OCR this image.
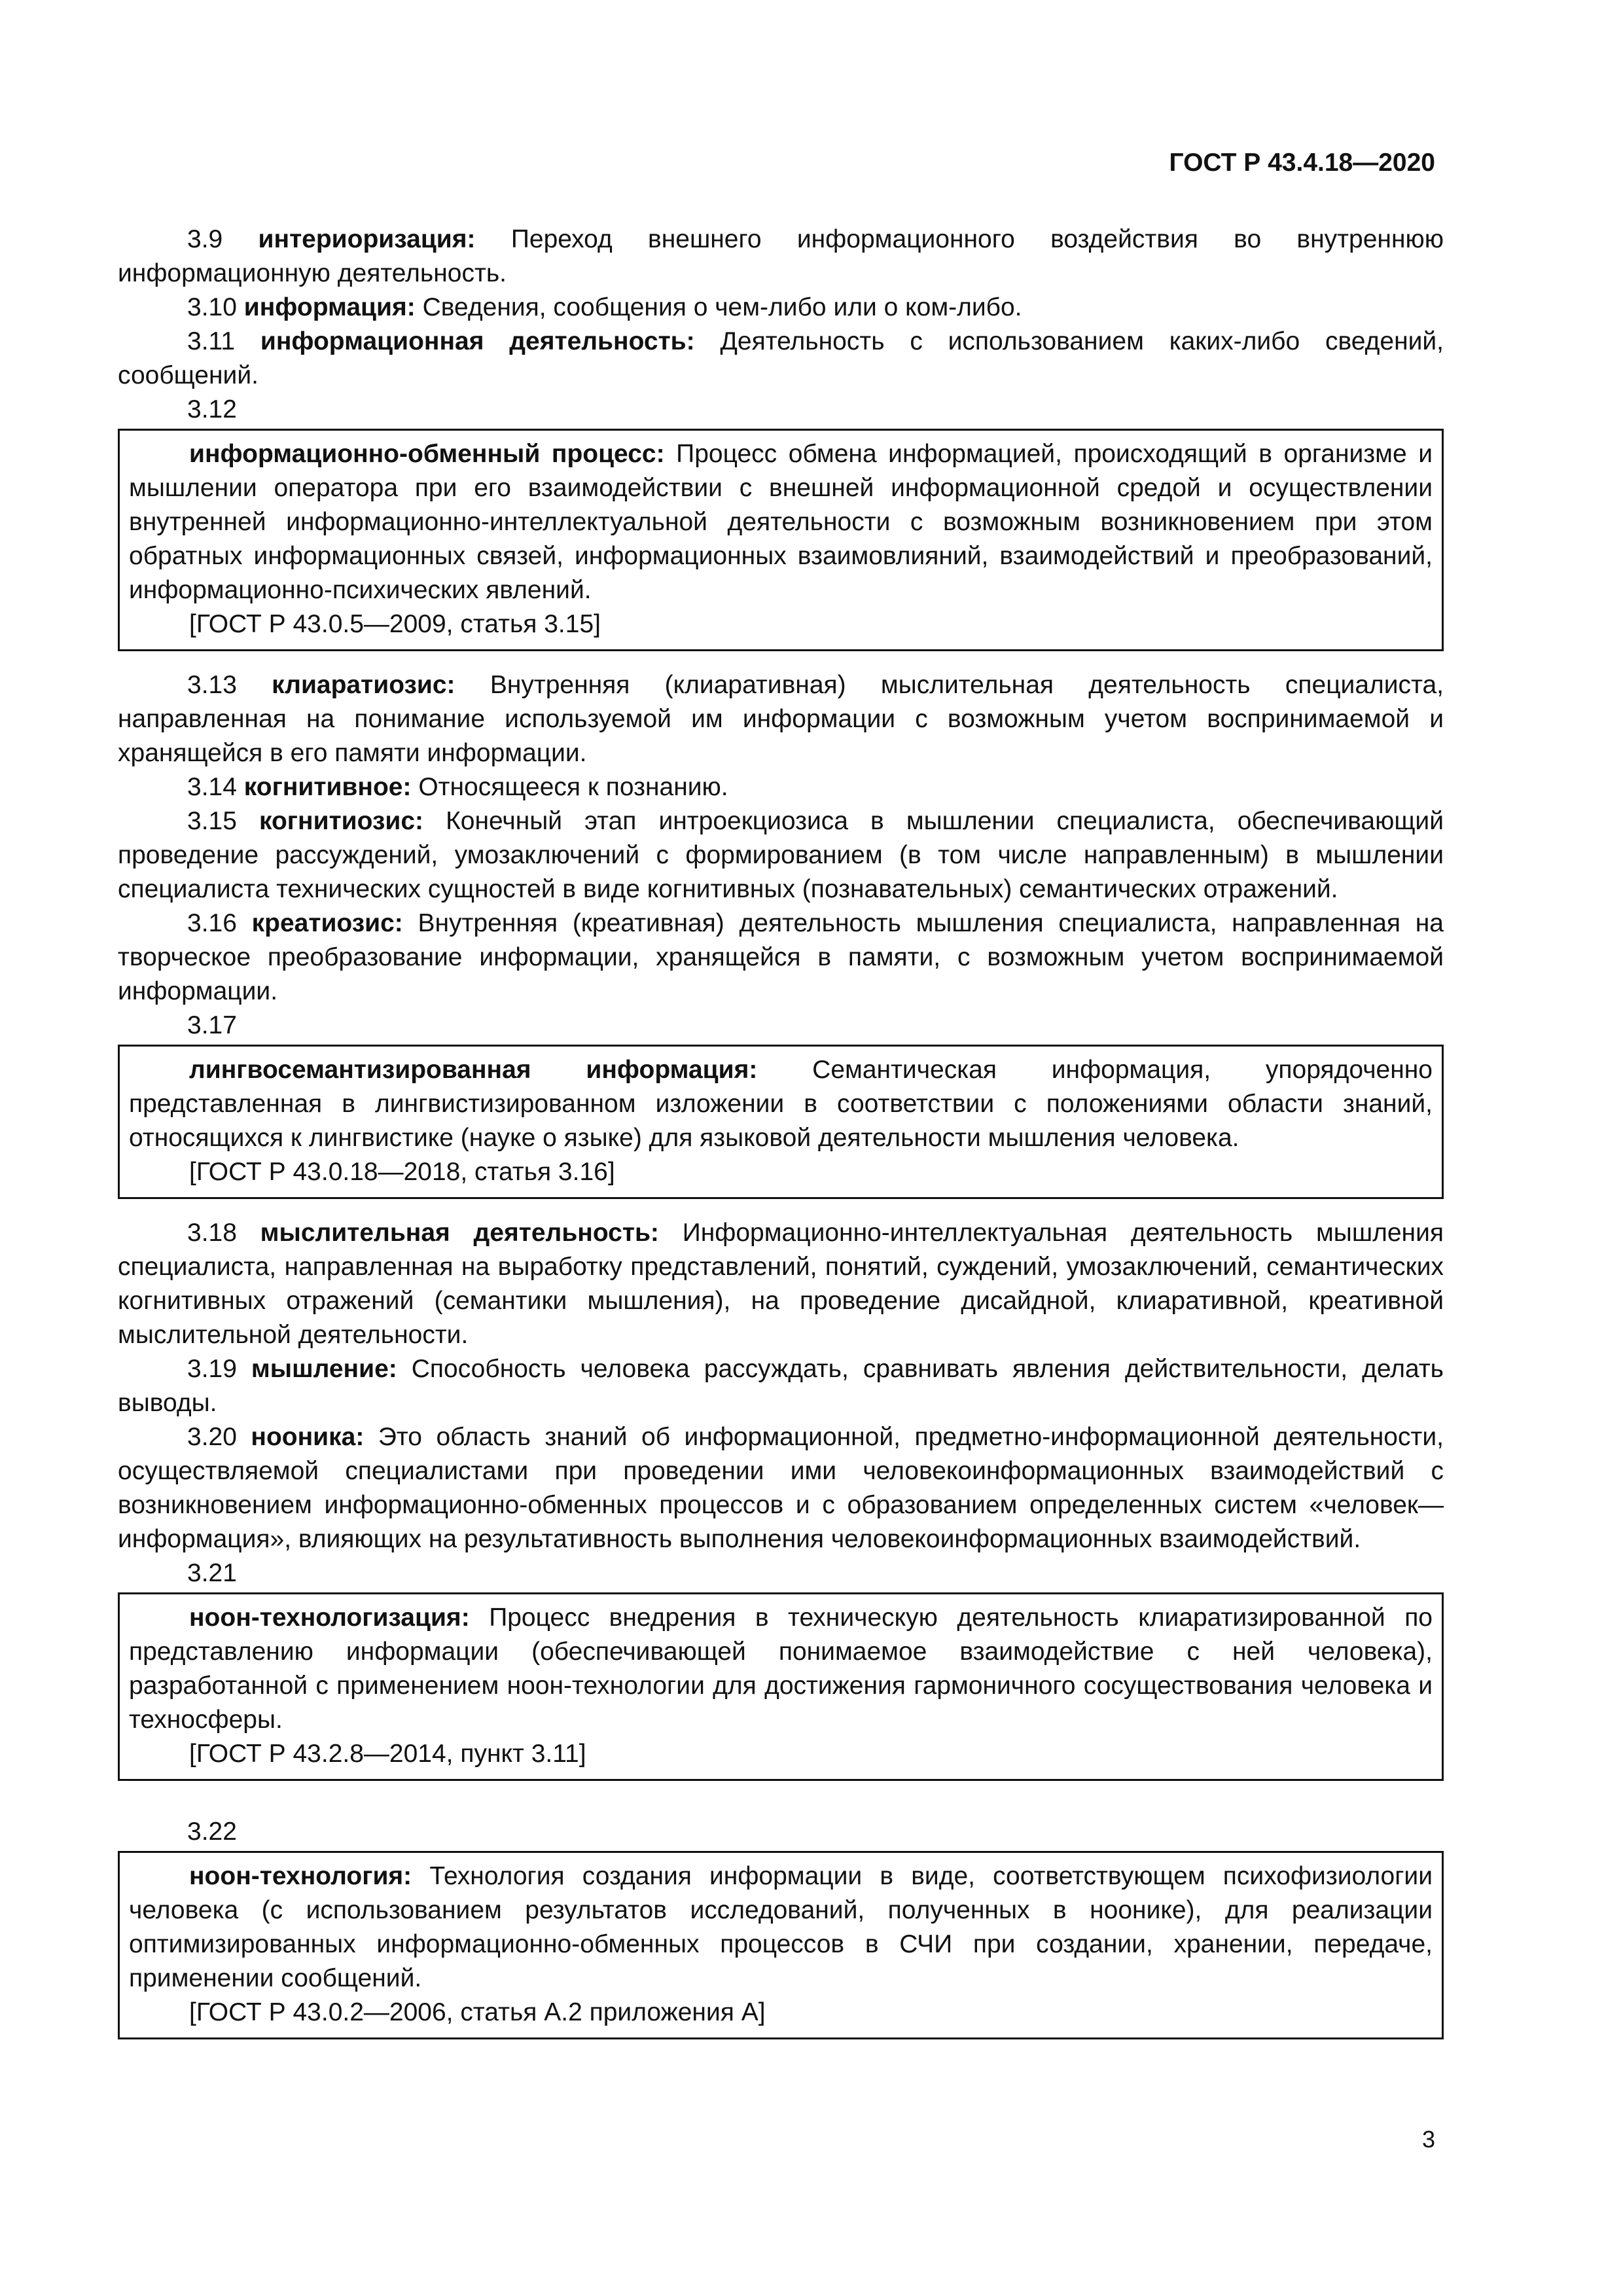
ГОСТ Р 43.4.18—2020

3.9 интериоризация: Переход внешнего информационного воздействия во внутреннюю информационную деятельность.

3.10 информация: Сведения, сообщения о чем-либо или о ком-либо.

3.11 информационная деятельность: Деятельность с использованием каких-либо сведений, сообщений.

3.12

информационно-обменный процесс: Процесс обмена информацией, происходящий в организме и мышлении оператора при его взаимодействии с внешней информационной средой и осуществлении внутренней информационно-интеллектуальной деятельности с возможным возникновением при этом обратных информационных связей, информационных взаимовлияний, взаимодействий и преобразований, информационно-психических явлений.

[ГОСТ Р 43.0.5—2009, статья 3.15]

3.13 клиаратиозис: Внутренняя (клиаративная) мыслительная деятельность специалиста, направленная на понимание используемой им информации с возможным учетом воспринимаемой и хранящейся в его памяти информации.

3.14 когнитивное: Относящееся к познанию.

3.15 когнитиозис: Конечный этап интроекциозиса в мышлении специалиста, обеспечивающий проведение рассуждений, умозаключений с формированием (в том числе направленным) в мышлении специалиста технических сущностей в виде когнитивных (познавательных) семантических отражений.

3.16 креатиозис: Внутренняя (креативная) деятельность мышления специалиста, направленная на творческое преобразование информации, хранящейся в памяти, с возможным учетом воспринимаемой информации.

3.17

лингвосемантизированная информация: Семантическая информация, упорядоченно представленная в лингвистизированном изложении в соответствии с положениями области знаний, относящихся к лингвистике (науке о языке) для языковой деятельности мышления человека.

[ГОСТ Р 43.0.18—2018, статья 3.16]

3.18 мыслительная деятельность: Информационно-интеллектуальная деятельность мышления специалиста, направленная на выработку представлений, понятий, суждений, умозаключений, семантических когнитивных отражений (семантики мышления), на проведение дисайдной, клиаративной, креативной мыслительной деятельности.

3.19 мышление: Способность человека рассуждать, сравнивать явления действительности, делать выводы.

3.20 нооника: Это область знаний об информационной, предметно-информационной деятельности, осуществляемой специалистами при проведении ими человекоинформационных взаимодействий с возникновением информационно-обменных процессов и с образованием определенных систем «человек—информация», влияющих на результативность выполнения человекоинформационных взаимодействий.

3.21

ноон-технологизация: Процесс внедрения в техническую деятельность клиаратизированной по представлению информации (обеспечивающей понимаемое взаимодействие с ней человека), разработанной с применением ноон-технологии для достижения гармоничного сосуществования человека и техносферы.

[ГОСТ Р 43.2.8—2014, пункт 3.11]

3.22

ноон-технология: Технология создания информации в виде, соответствующем психофизиологии человека (с использованием результатов исследований, полученных в ноонике), для реализации оптимизированных информационно-обменных процессов в СЧИ при создании, хранении, передаче, применении сообщений.

[ГОСТ Р 43.0.2—2006, статья А.2 приложения А]

3
